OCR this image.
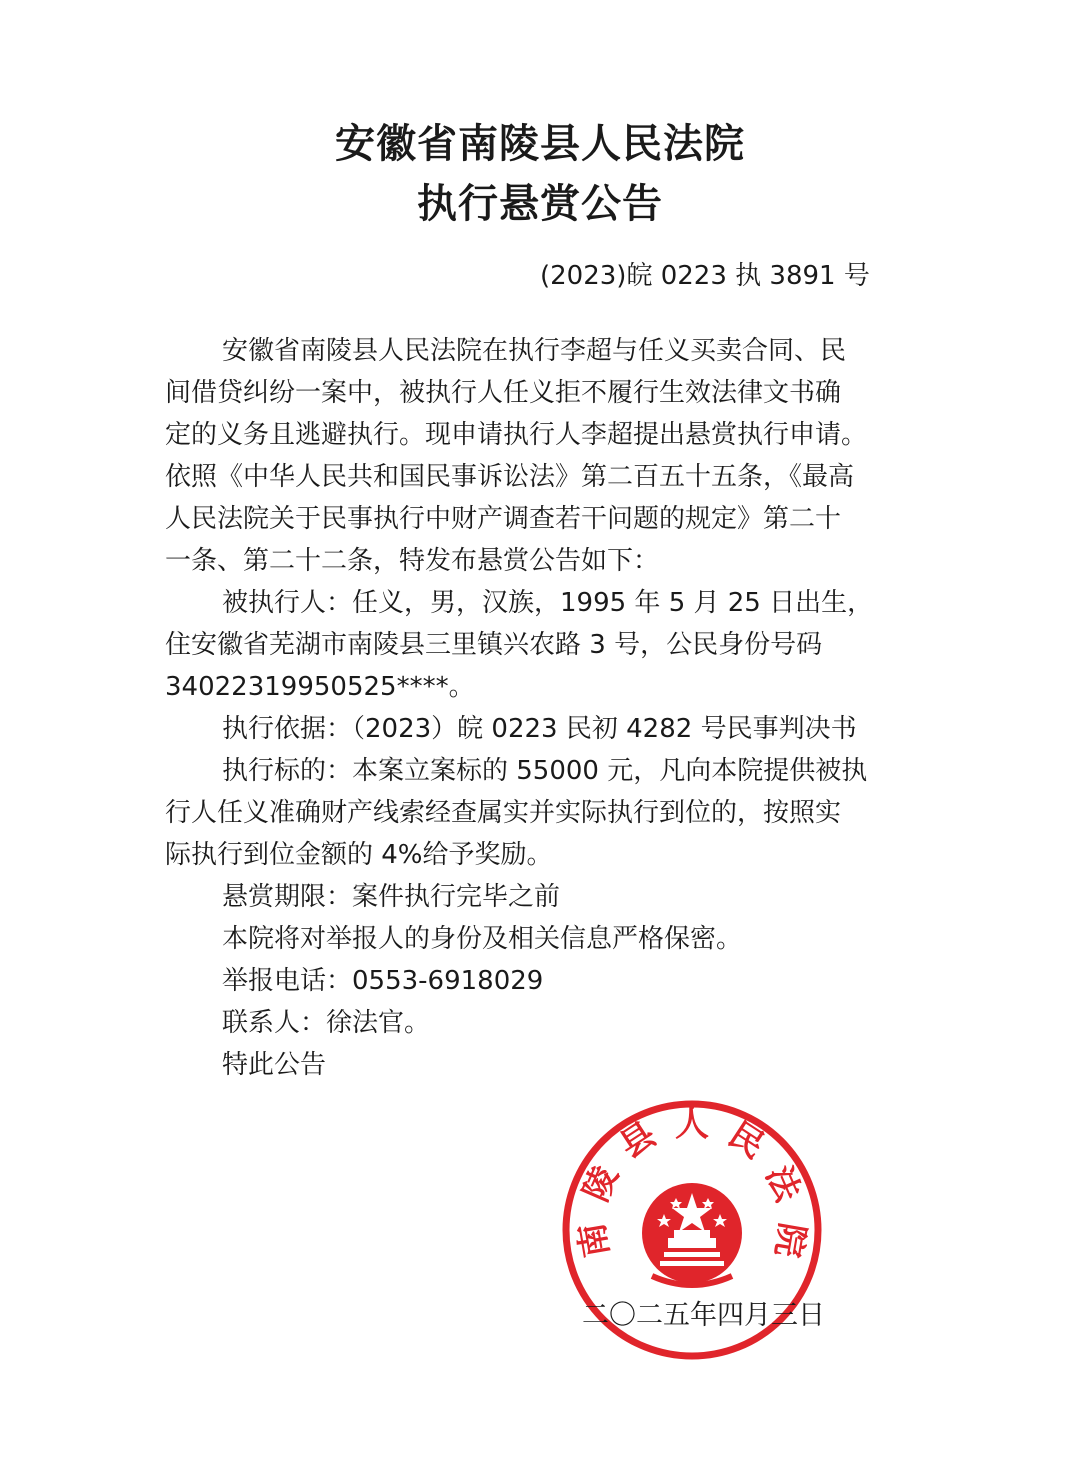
安徽省南陵县人民法院
执行悬赏公告
(2023)皖 0223 执 3891 号
安徽省南陵县人民法院在执行李超与任义买卖合同、民
间借贷纠纷一案中，被执行人任义拒不履行生效法律文书确
定的义务且逃避执行。现申请执行人李超提出悬赏执行申请。
依照《中华人民共和国民事诉讼法》第二百五十五条，《最高
人民法院关于民事执行中财产调查若干问题的规定》第二十
一条、第二十二条，特发布悬赏公告如下：
被执行人：任义，男，汉族，1995 年 5 月 25 日出生，
住安徽省芜湖市南陵县三里镇兴农路 3 号，公民身份号码
34022319950525****。
执行依据：（2023）皖 0223 民初 4282 号民事判决书
执行标的：本案立案标的 55000 元，凡向本院提供被执
行人任义准确财产线索经查属实并实际执行到位的，按照实
际执行到位金额的 4%给予奖励。
悬赏期限：案件执行完毕之前
本院将对举报人的身份及相关信息严格保密。
举报电话：0553-6918029
联系人：徐法官。
特此公告
南 陵 县 人 民 法 院
二〇二五年四月三日
